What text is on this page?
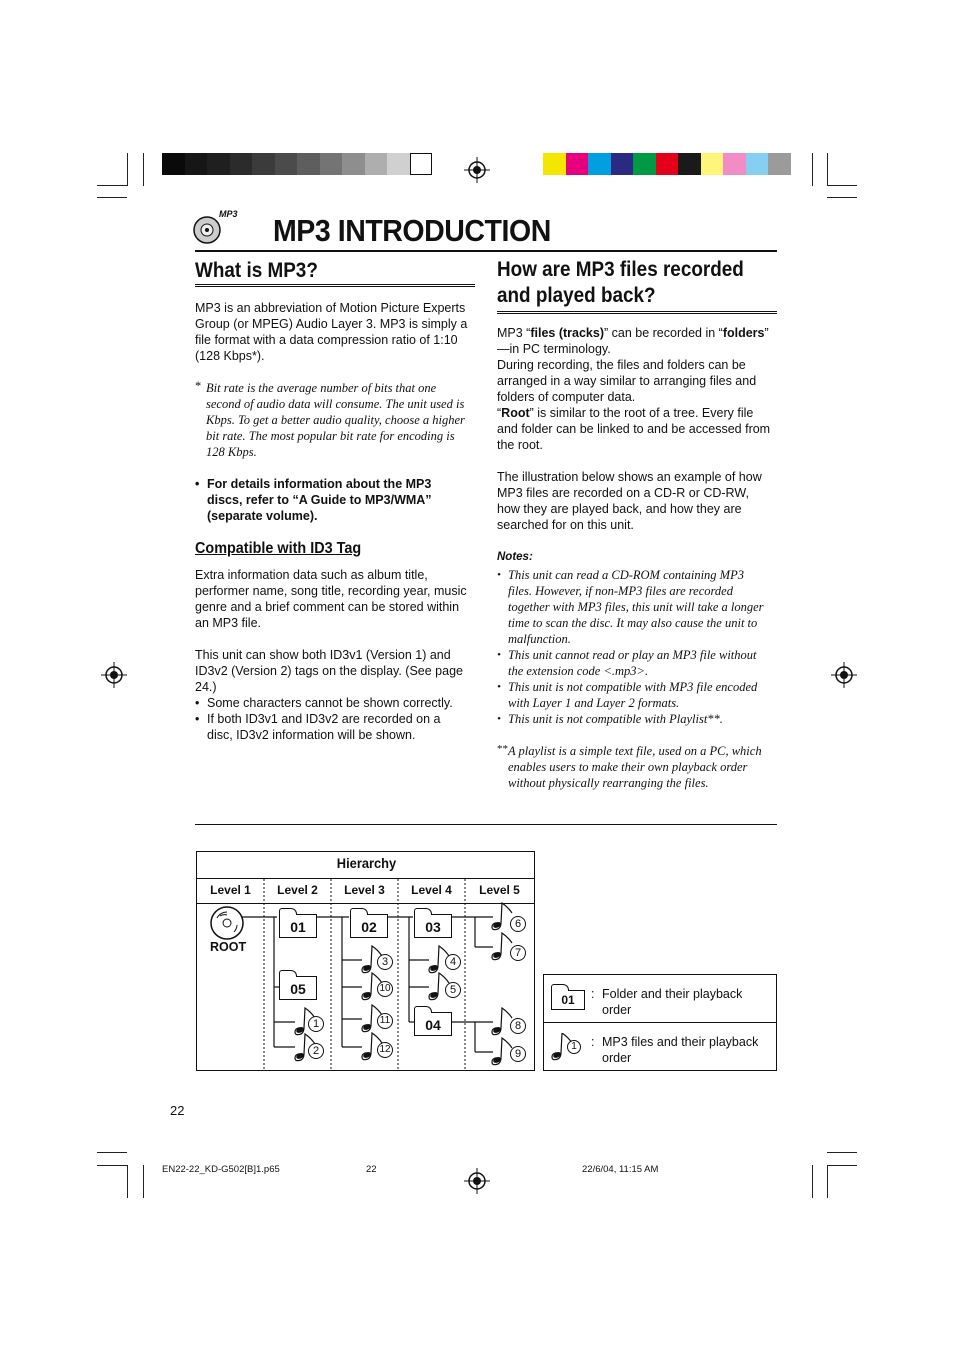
MP3 MP3 INTRODUCTION
What is MP3?
MP3 is an abbreviation of Motion Picture Experts
Group (or MPEG) Audio Layer 3. MP3 is simply a
file format with a data compression ratio of 1:10
(128 Kbps*).
* Bit rate is the average number of bits that one
second of audio data will consume. The unit used is
Kbps. To get a better audio quality, choose a higher
bit rate. The most popular bit rate for encoding is
128 Kbps.
• For details information about the MP3
discs, refer to “A Guide to MP3/WMA”
(separate volume).
Compatible with ID3 Tag
Extra information data such as album title,
performer name, song title, recording year, music
genre and a brief comment can be stored within
an MP3 file.
This unit can show both ID3v1 (Version 1) and
ID3v2 (Version 2) tags on the display. (See page
24.)
• Some characters cannot be shown correctly.
• If both ID3v1 and ID3v2 are recorded on a
disc, ID3v2 information will be shown.
How are MP3 files recorded
and played back?
MP3 “files (tracks)” can be recorded in “folders”
—in PC terminology.
During recording, the files and folders can be
arranged in a way similar to arranging files and
folders of computer data.
“Root” is similar to the root of a tree. Every file
and folder can be linked to and be accessed from
the root.
The illustration below shows an example of how
MP3 files are recorded on a CD-R or CD-RW,
how they are played back, and how they are
searched for on this unit.
Notes:
• This unit can read a CD-ROM containing MP3
files. However, if non-MP3 files are recorded
together with MP3 files, this unit will take a longer
time to scan the disc. It may also cause the unit to
malfunction.
• This unit cannot read or play an MP3 file without
the extension code <.mp3>.
• This unit is not compatible with MP3 file encoded
with Layer 1 and Layer 2 formats.
• This unit is not compatible with Playlist**.
** A playlist is a simple text file, used on a PC, which
enables users to make their own playback order
without physically rearranging the files.
Hierarchy
Level 1	Level 2	Level 3	Level 4	Level 5
ROOT
01	02	03
04
05
1
2
3	4
5
6
7
8
9
10
11
12
01	: Folder and their playback
order
1	: MP3 files and their playback
order
22
EN22-22_KD-G502[B]1.p65	22	22/6/04, 11:15 AM
